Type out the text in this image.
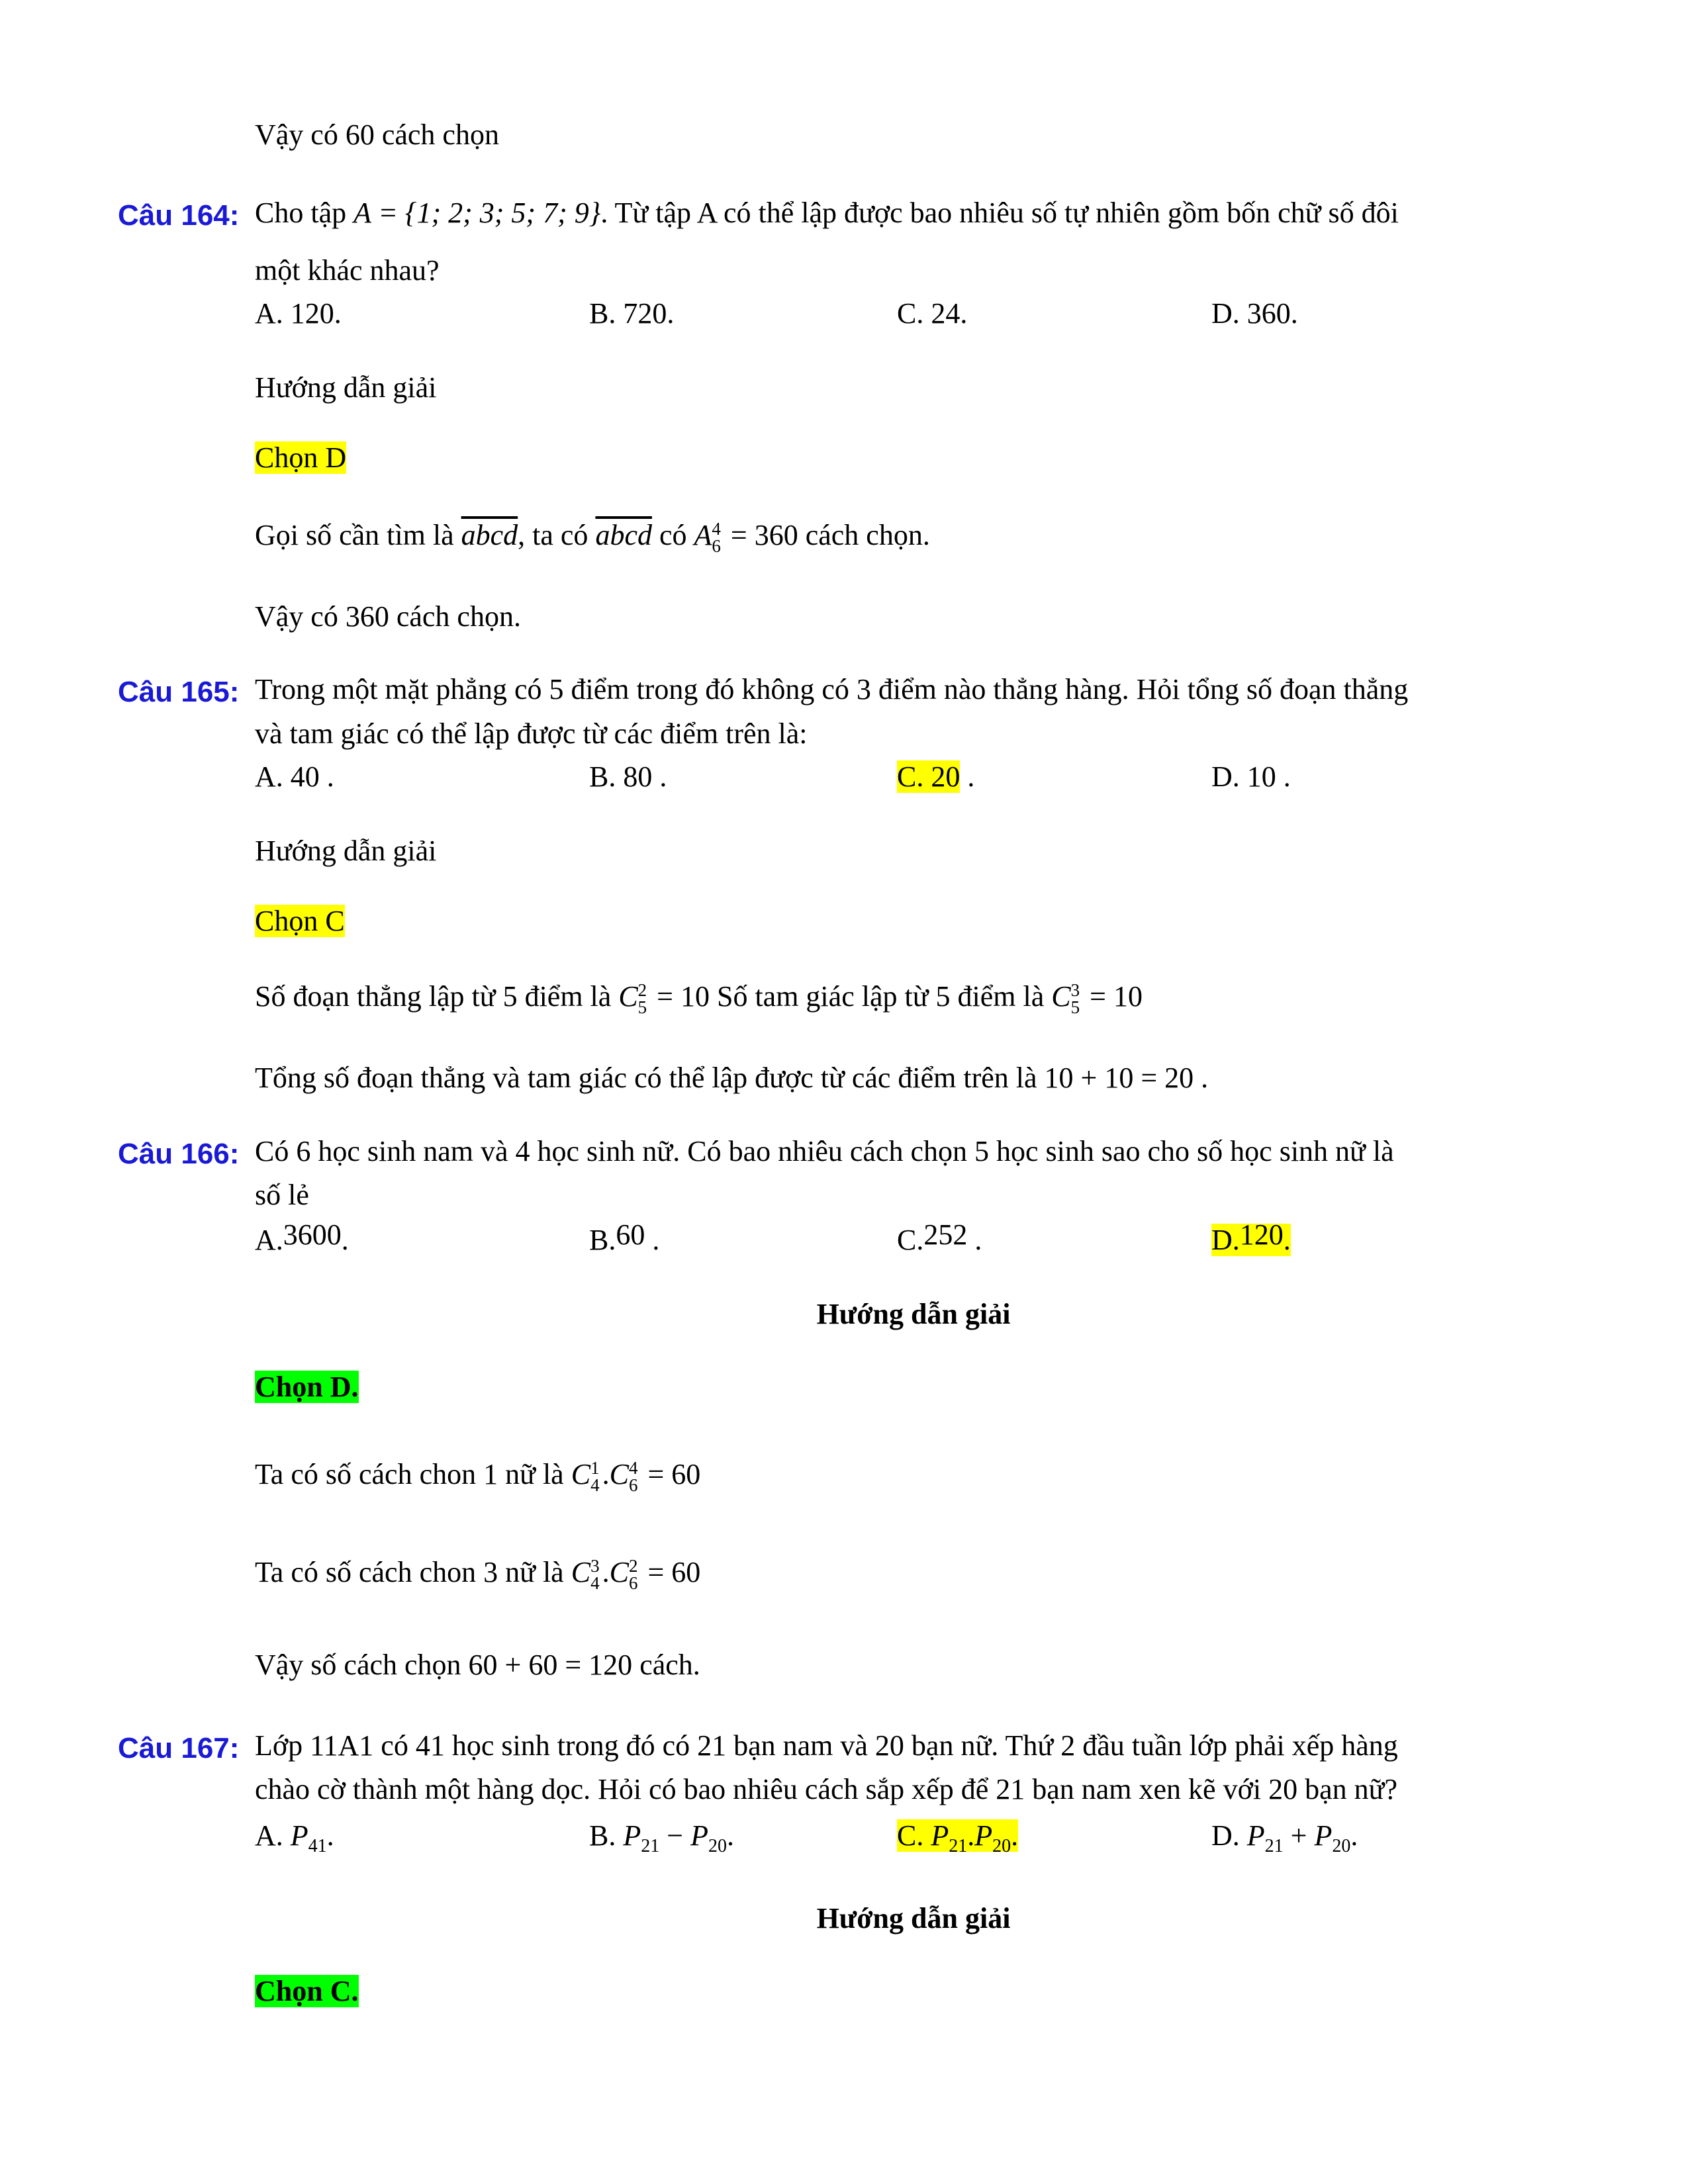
Vậy có 60 cách chọn
Câu 164: Cho tập A = {1; 2; 3; 5; 7; 9}. Từ tập A có thể lập được bao nhiêu số tự nhiên gồm bốn chữ số đôi
một khác nhau?
A. 120.	B. 720.	C. 24.	D. 360.
Hướng dẫn giải
Chọn D
Gọi số cần tìm là abcd, ta có abcd có A4
6 = 360 cách chọn.
Vậy có 360 cách chọn.
Câu 165: Trong một mặt phẳng có 5 điểm trong đó không có 3 điểm nào thẳng hàng. Hỏi tổng số đoạn thẳng
và tam giác có thể lập được từ các điểm trên là:
A. 40 .	B. 80 .	C. 20 .	D. 10 .
Hướng dẫn giải
Chọn C
Số đoạn thẳng lập từ 5 điểm là C2
5 = 10 Số tam giác lập từ 5 điểm là C3
5 = 10
Tổng số đoạn thẳng và tam giác có thể lập được từ các điểm trên là 10 + 10 = 20 .
Câu 166: Có 6 học sinh nam và 4 học sinh nữ. Có bao nhiêu cách chọn 5 học sinh sao cho số học sinh nữ là
số lẻ
A.3600.	B.60 .	C.252 .	D.120.
Hướng dẫn giải
Chọn D.
Ta có số cách chon 1 nữ là C1
4.C4
6 = 60
Ta có số cách chon 3 nữ là C3
4.C2
6 = 60
Vậy số cách chọn 60 + 60 = 120 cách.
Câu 167: Lớp 11A1 có 41 học sinh trong đó có 21 bạn nam và 20 bạn nữ. Thứ 2 đầu tuần lớp phải xếp hàng
chào cờ thành một hàng dọc. Hỏi có bao nhiêu cách sắp xếp để 21 bạn nam xen kẽ với 20 bạn nữ?
A. $P_{41}$.	B. $P_{21} - P_{20}$.	C. $P_{21}.P_{20}$.	D. $P_{21} + P_{20}$.
Hướng dẫn giải
Chọn C.
